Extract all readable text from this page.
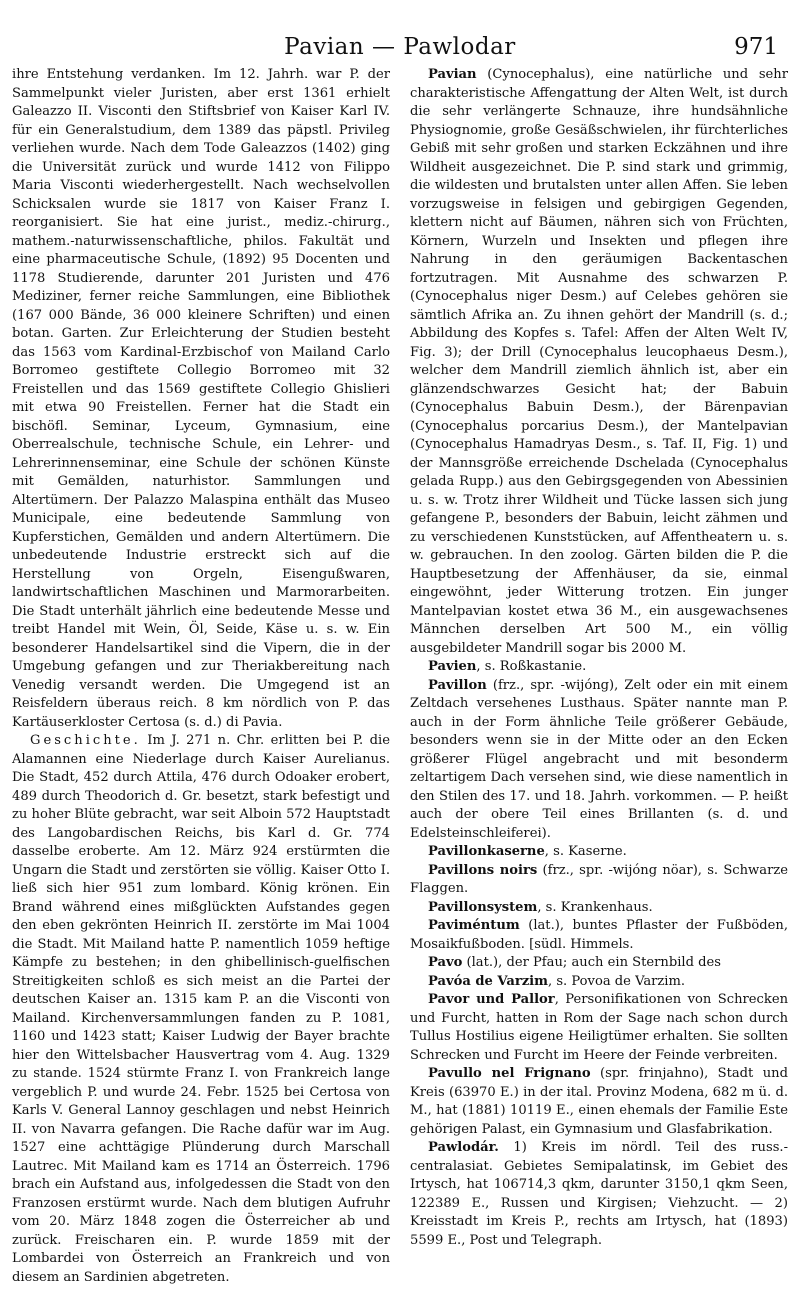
Pavian — Pawlodar	971

ihre Entstehung verdanken. Im 12. Jahrh. war P. der Sammelpunkt vieler Juristen, aber erst 1361 erhielt Galeazzo II. Visconti den Stiftsbrief von Kaiser Karl IV. für ein Generalstudium, dem 1389 das päpstl. Privileg verliehen wurde. Nach dem Tode Galeazzos (1402) ging die Universität zurück und wurde 1412 von Filippo Maria Visconti wiederhergestellt. Nach wechselvollen Schicksalen wurde sie 1817 von Kaiser Franz I. reorganisiert. Sie hat eine jurist., mediz.-chirurg., mathem.-naturwissenschaftliche, philos. Fakultät und eine pharmaceutische Schule, (1892) 95 Docenten und 1178 Studierende, darunter 201 Juristen und 476 Mediziner, ferner reiche Sammlungen, eine Bibliothek (167 000 Bände, 36 000 kleinere Schriften) und einen botan. Garten. Zur Erleichterung der Studien besteht das 1563 vom Kardinal-Erzbischof von Mailand Carlo Borromeo gestiftete Collegio Borromeo mit 32 Freistellen und das 1569 gestiftete Collegio Ghislieri mit etwa 90 Freistellen. Ferner hat die Stadt ein bischöfl. Seminar, Lyceum, Gymnasium, eine Oberrealschule, technische Schule, ein Lehrer- und Lehrerinnenseminar, eine Schule der schönen Künste mit Gemälden, naturhistor. Sammlungen und Altertümern. Der Palazzo Malaspina enthält das Museo Municipale, eine bedeutende Sammlung von Kupferstichen, Gemälden und andern Altertümern. Die unbedeutende Industrie erstreckt sich auf die Herstellung von Orgeln, Eisengußwaren, landwirtschaftlichen Maschinen und Marmorarbeiten. Die Stadt unterhält jährlich eine bedeutende Messe und treibt Handel mit Wein, Öl, Seide, Käse u. s. w. Ein besonderer Handelsartikel sind die Vipern, die in der Umgebung gefangen und zur Theriakbereitung nach Venedig versandt werden. Die Umgegend ist an Reisfeldern überaus reich. 8 km nördlich von P. das Kartäuserkloster Certosa (s. d.) di Pavia.

Geschichte. Im J. 271 n. Chr. erlitten bei P. die Alamannen eine Niederlage durch Kaiser Aurelianus. Die Stadt, 452 durch Attila, 476 durch Odoaker erobert, 489 durch Theodorich d. Gr. besetzt, stark befestigt und zu hoher Blüte gebracht, war seit Alboin 572 Hauptstadt des Langobardischen Reichs, bis Karl d. Gr. 774 dasselbe eroberte. Am 12. März 924 erstürmten die Ungarn die Stadt und zerstörten sie völlig. Kaiser Otto I. ließ sich hier 951 zum lombard. König krönen. Ein Brand während eines mißglückten Aufstandes gegen den eben gekrönten Heinrich II. zerstörte im Mai 1004 die Stadt. Mit Mailand hatte P. namentlich 1059 heftige Kämpfe zu bestehen; in den ghibellinisch-guelfischen Streitigkeiten schloß es sich meist an die Partei der deutschen Kaiser an. 1315 kam P. an die Visconti von Mailand. Kirchenversammlungen fanden zu P. 1081, 1160 und 1423 statt; Kaiser Ludwig der Bayer brachte hier den Wittelsbacher Hausvertrag vom 4. Aug. 1329 zu stande. 1524 stürmte Franz I. von Frankreich lange vergeblich P. und wurde 24. Febr. 1525 bei Certosa von Karls V. General Lannoy geschlagen und nebst Heinrich II. von Navarra gefangen. Die Rache dafür war im Aug. 1527 eine achttägige Plünderung durch Marschall Lautrec. Mit Mailand kam es 1714 an Österreich. 1796 brach ein Aufstand aus, infolgedessen die Stadt von den Franzosen erstürmt wurde. Nach dem blutigen Aufruhr vom 20. März 1848 zogen die Österreicher ab und zurück. Freischaren ein. P. wurde 1859 mit der Lombardei von Österreich an Frankreich und von diesem an Sardinien abgetreten.

Pavian (Cynocephalus), eine natürliche und sehr charakteristische Affengattung der Alten Welt, ist durch die sehr verlängerte Schnauze, ihre hundsähnliche Physiognomie, große Gesäßschwielen, ihr fürchterliches Gebiß mit sehr großen und starken Eckzähnen und ihre Wildheit ausgezeichnet. Die P. sind stark und grimmig, die wildesten und brutalsten unter allen Affen. Sie leben vorzugsweise in felsigen und gebirgigen Gegenden, klettern nicht auf Bäumen, nähren sich von Früchten, Körnern, Wurzeln und Insekten und pflegen ihre Nahrung in den geräumigen Backentaschen fortzutragen. Mit Ausnahme des schwarzen P. (Cynocephalus niger Desm.) auf Celebes gehören sie sämtlich Afrika an. Zu ihnen gehört der Mandrill (s. d.; Abbildung des Kopfes s. Tafel: Affen der Alten Welt IV, Fig. 3); der Drill (Cynocephalus leucophaeus Desm.), welcher dem Mandrill ziemlich ähnlich ist, aber ein glänzendschwarzes Gesicht hat; der Babuin (Cynocephalus Babuin Desm.), der Bärenpavian (Cynocephalus porcarius Desm.), der Mantelpavian (Cynocephalus Hamadryas Desm., s. Taf. II, Fig. 1) und der Mannsgröße erreichende Dschelada (Cynocephalus gelada Rupp.) aus den Gebirgsgegenden von Abessinien u. s. w. Trotz ihrer Wildheit und Tücke lassen sich jung gefangene P., besonders der Babuin, leicht zähmen und zu verschiedenen Kunststücken, auf Affentheatern u. s. w. gebrauchen. In den zoolog. Gärten bilden die P. die Hauptbesetzung der Affenhäuser, da sie, einmal eingewöhnt, jeder Witterung trotzen. Ein junger Mantelpavian kostet etwa 36 M., ein ausgewachsenes Männchen derselben Art 500 M., ein völlig ausgebildeter Mandrill sogar bis 2000 M.

Pavien, s. Roßkastanie.

Pavillon (frz., spr. -wijóng), Zelt oder ein mit einem Zeltdach versehenes Lusthaus. Später nannte man P. auch in der Form ähnliche Teile größerer Gebäude, besonders wenn sie in der Mitte oder an den Ecken größerer Flügel angebracht und mit besonderm zeltartigem Dach versehen sind, wie diese namentlich in den Stilen des 17. und 18. Jahrh. vorkommen. — P. heißt auch der obere Teil eines Brillanten (s. d. und Edelsteinschleiferei).

Pavillonkaserne, s. Kaserne.

Pavillons noirs (frz., spr. -wijóng nöar), s. Schwarze Flaggen.

Pavillonsystem, s. Krankenhaus.

Paviméntum (lat.), buntes Pflaster der Fußböden, Mosaikfußboden. [südl. Himmels.

Pavo (lat.), der Pfau; auch ein Sternbild des

Pavóa de Varzim, s. Povoa de Varzim.

Pavor und Pallor, Personifikationen von Schrecken und Furcht, hatten in Rom der Sage nach schon durch Tullus Hostilius eigene Heiligtümer erhalten. Sie sollten Schrecken und Furcht im Heere der Feinde verbreiten.

Pavullo nel Frignano (spr. frinjahno), Stadt und Kreis (63970 E.) in der ital. Provinz Modena, 682 m ü. d. M., hat (1881) 10119 E., einen ehemals der Familie Este gehörigen Palast, ein Gymnasium und Glasfabrikation.

Pawlodár. 1) Kreis im nördl. Teil des russ.-centralasiat. Gebietes Semipalatinsk, im Gebiet des Irtysch, hat 106714,3 qkm, darunter 3150,1 qkm Seen, 122389 E., Russen und Kirgisen; Viehzucht. — 2) Kreisstadt im Kreis P., rechts am Irtysch, hat (1893) 5599 E., Post und Telegraph.
